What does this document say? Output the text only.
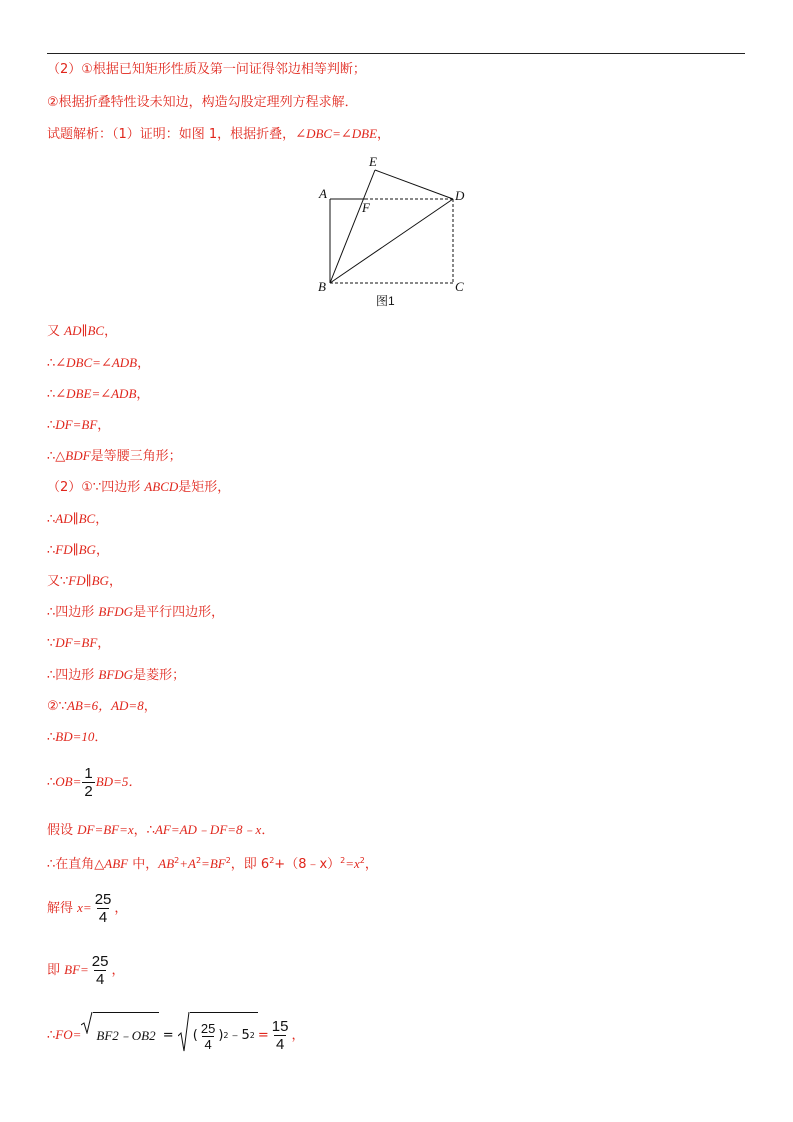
（2）①根据已知矩形性质及第一问证得邻边相等判断；
②根据折叠特性设未知边，构造勾股定理列方程求解．
试题解析：（1）证明：如图 1，根据折叠，∠DBC=∠DBE，
E
A
F
D
B	C
图1
又 AD∥BC，
∴∠DBC=∠ADB，
∴∠DBE=∠ADB，
∴DF=BF，
∴△BDF是等腰三角形；
（2）①∵四边形 ABCD是矩形，
∴AD∥BC，
∴FD∥BG，
又∵FD∥BG，
∴四边形 BFDG是平行四边形，
∵DF=BF，
∴四边形 BFDG是菱形；
②∵AB=6，AD=8，
∴BD=10．
∴OB= $\frac{1}{2} BD=5$．
假设 DF=BF=x，∴AF=AD﹣DF=8﹣x．
∴在直角△ABF 中，$AB^2+A^2=BF^2$，即 $6^2+(8﹣x)^2=x^2$，
解得 $x= \frac{25}{4}$ ，
即 $BF= \frac{25}{4}$ ，
∴FO= BF2﹣OB2 = ( $\frac{25}{4}$ ) 2 ﹣5 $2 = \frac{15}{4}$ ，
